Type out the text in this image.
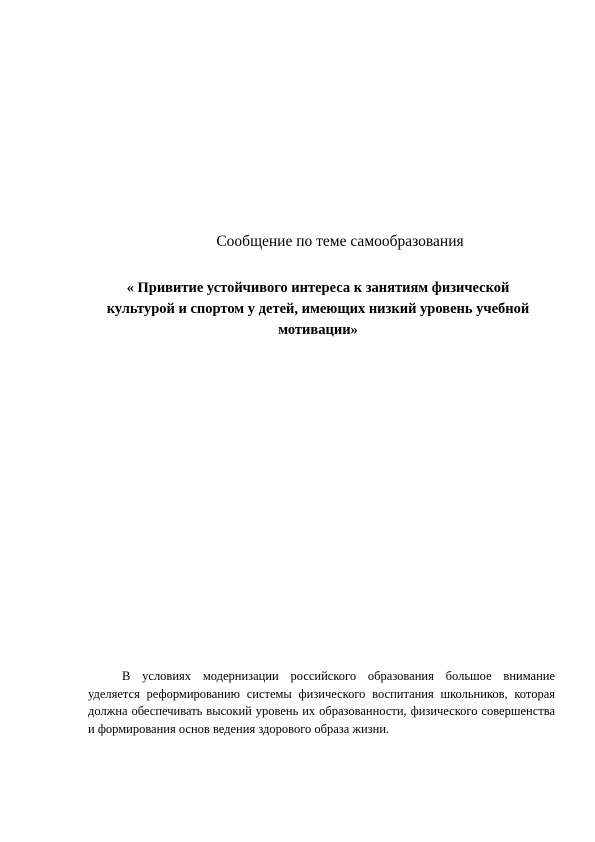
Сообщение по теме самообразования
« Привитие устойчивого интереса к занятиям физической
культурой и спортом у детей, имеющих низкий уровень учебной
мотивации»

В условиях модернизации российского образования большое внимание уделяется реформированию системы физического воспитания школьников, которая должна обеспечивать высокий уровень их образованности, физического совершенства и формирования основ ведения здорового образа жизни.
